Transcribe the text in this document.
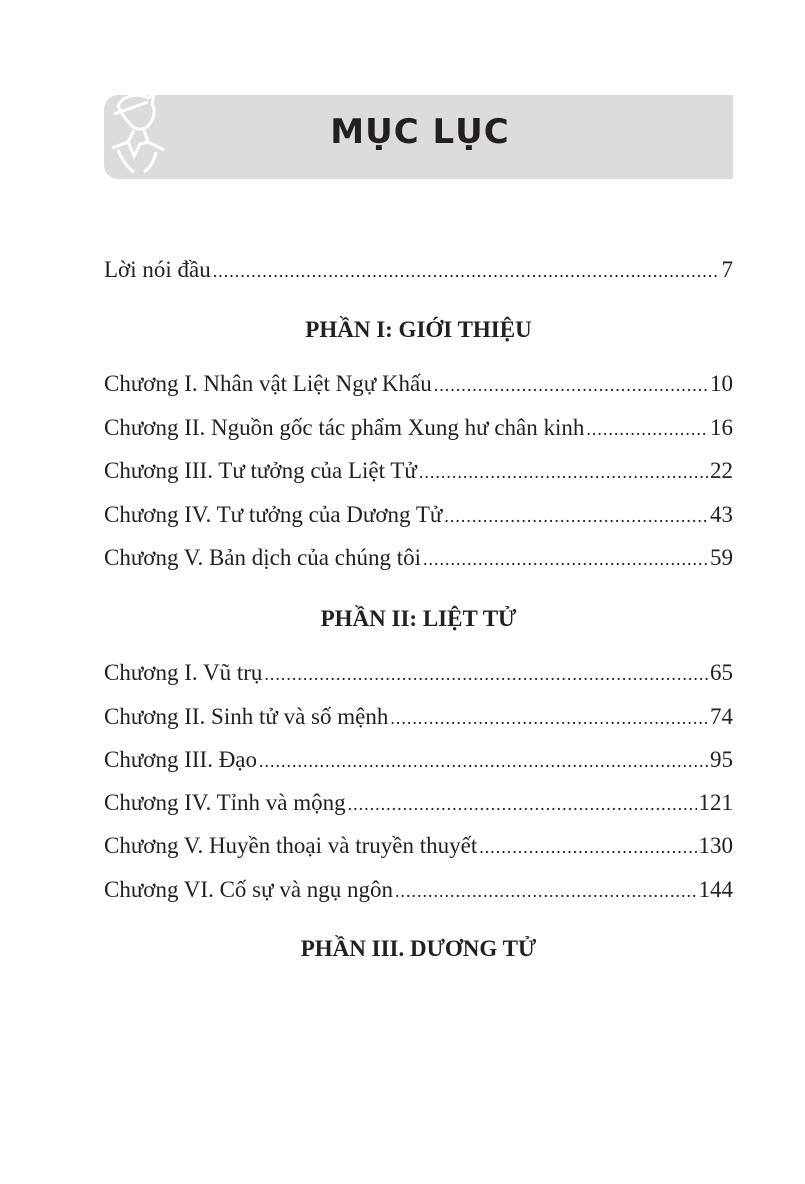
MỤC LỤC
Lời nói đầu .....	7
PHẦN I: GIỚI THIỆU
Chương I. Nhân vật Liệt Ngự Khấu .....	10
Chương II. Nguồn gốc tác phẩm Xung hư chân kinh .....	16
Chương III. Tư tưởng của Liệt Tử .....	22
Chương IV. Tư tưởng của Dương Tử .....	43
Chương V. Bản dịch của chúng tôi .....	59
PHẦN II: LIỆT TỬ
Chương I. Vũ trụ .....	65
Chương II. Sinh tử và số mệnh .....	74
Chương III. Đạo .....	95
Chương IV. Tỉnh và mộng .....	121
Chương V. Huyền thoại và truyền thuyết .....	130
Chương VI. Cố sự và ngụ ngôn .....	144
PHẦN III. DƯƠNG TỬ
